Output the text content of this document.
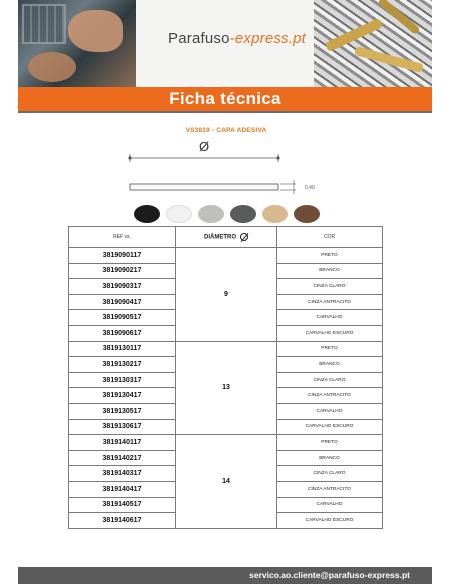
Parafuso-express.pt
Ficha técnica
VS3819 - CAPA ADESIVA
Ø
0,40
REF vs.	DIÂMETRO	COR
3819090117	9	PRETO
3819090217		BRANCO
3819090317		CINZA CLARO
3819090417		CINZA ANTRACITO
3819090517		CARVALHO
3819090617		CARVALHO ESCURO
3819130117	13	PRETO
3819130217		BRANCO
3819130317		CINZA CLARO
3819130417		CINZA ANTRACITO
3819130517		CARVALHO
3819130617		CARVALHO ESCURO
3819140117	14	PRETO
3819140217		BRANCO
3819140317		CINZA CLARO
3819140417		CINZA ANTRACITO
3819140517		CARVALHO
3819140617		CARVALHO ESCURO
servico.ao.cliente@parafuso-express.pt
